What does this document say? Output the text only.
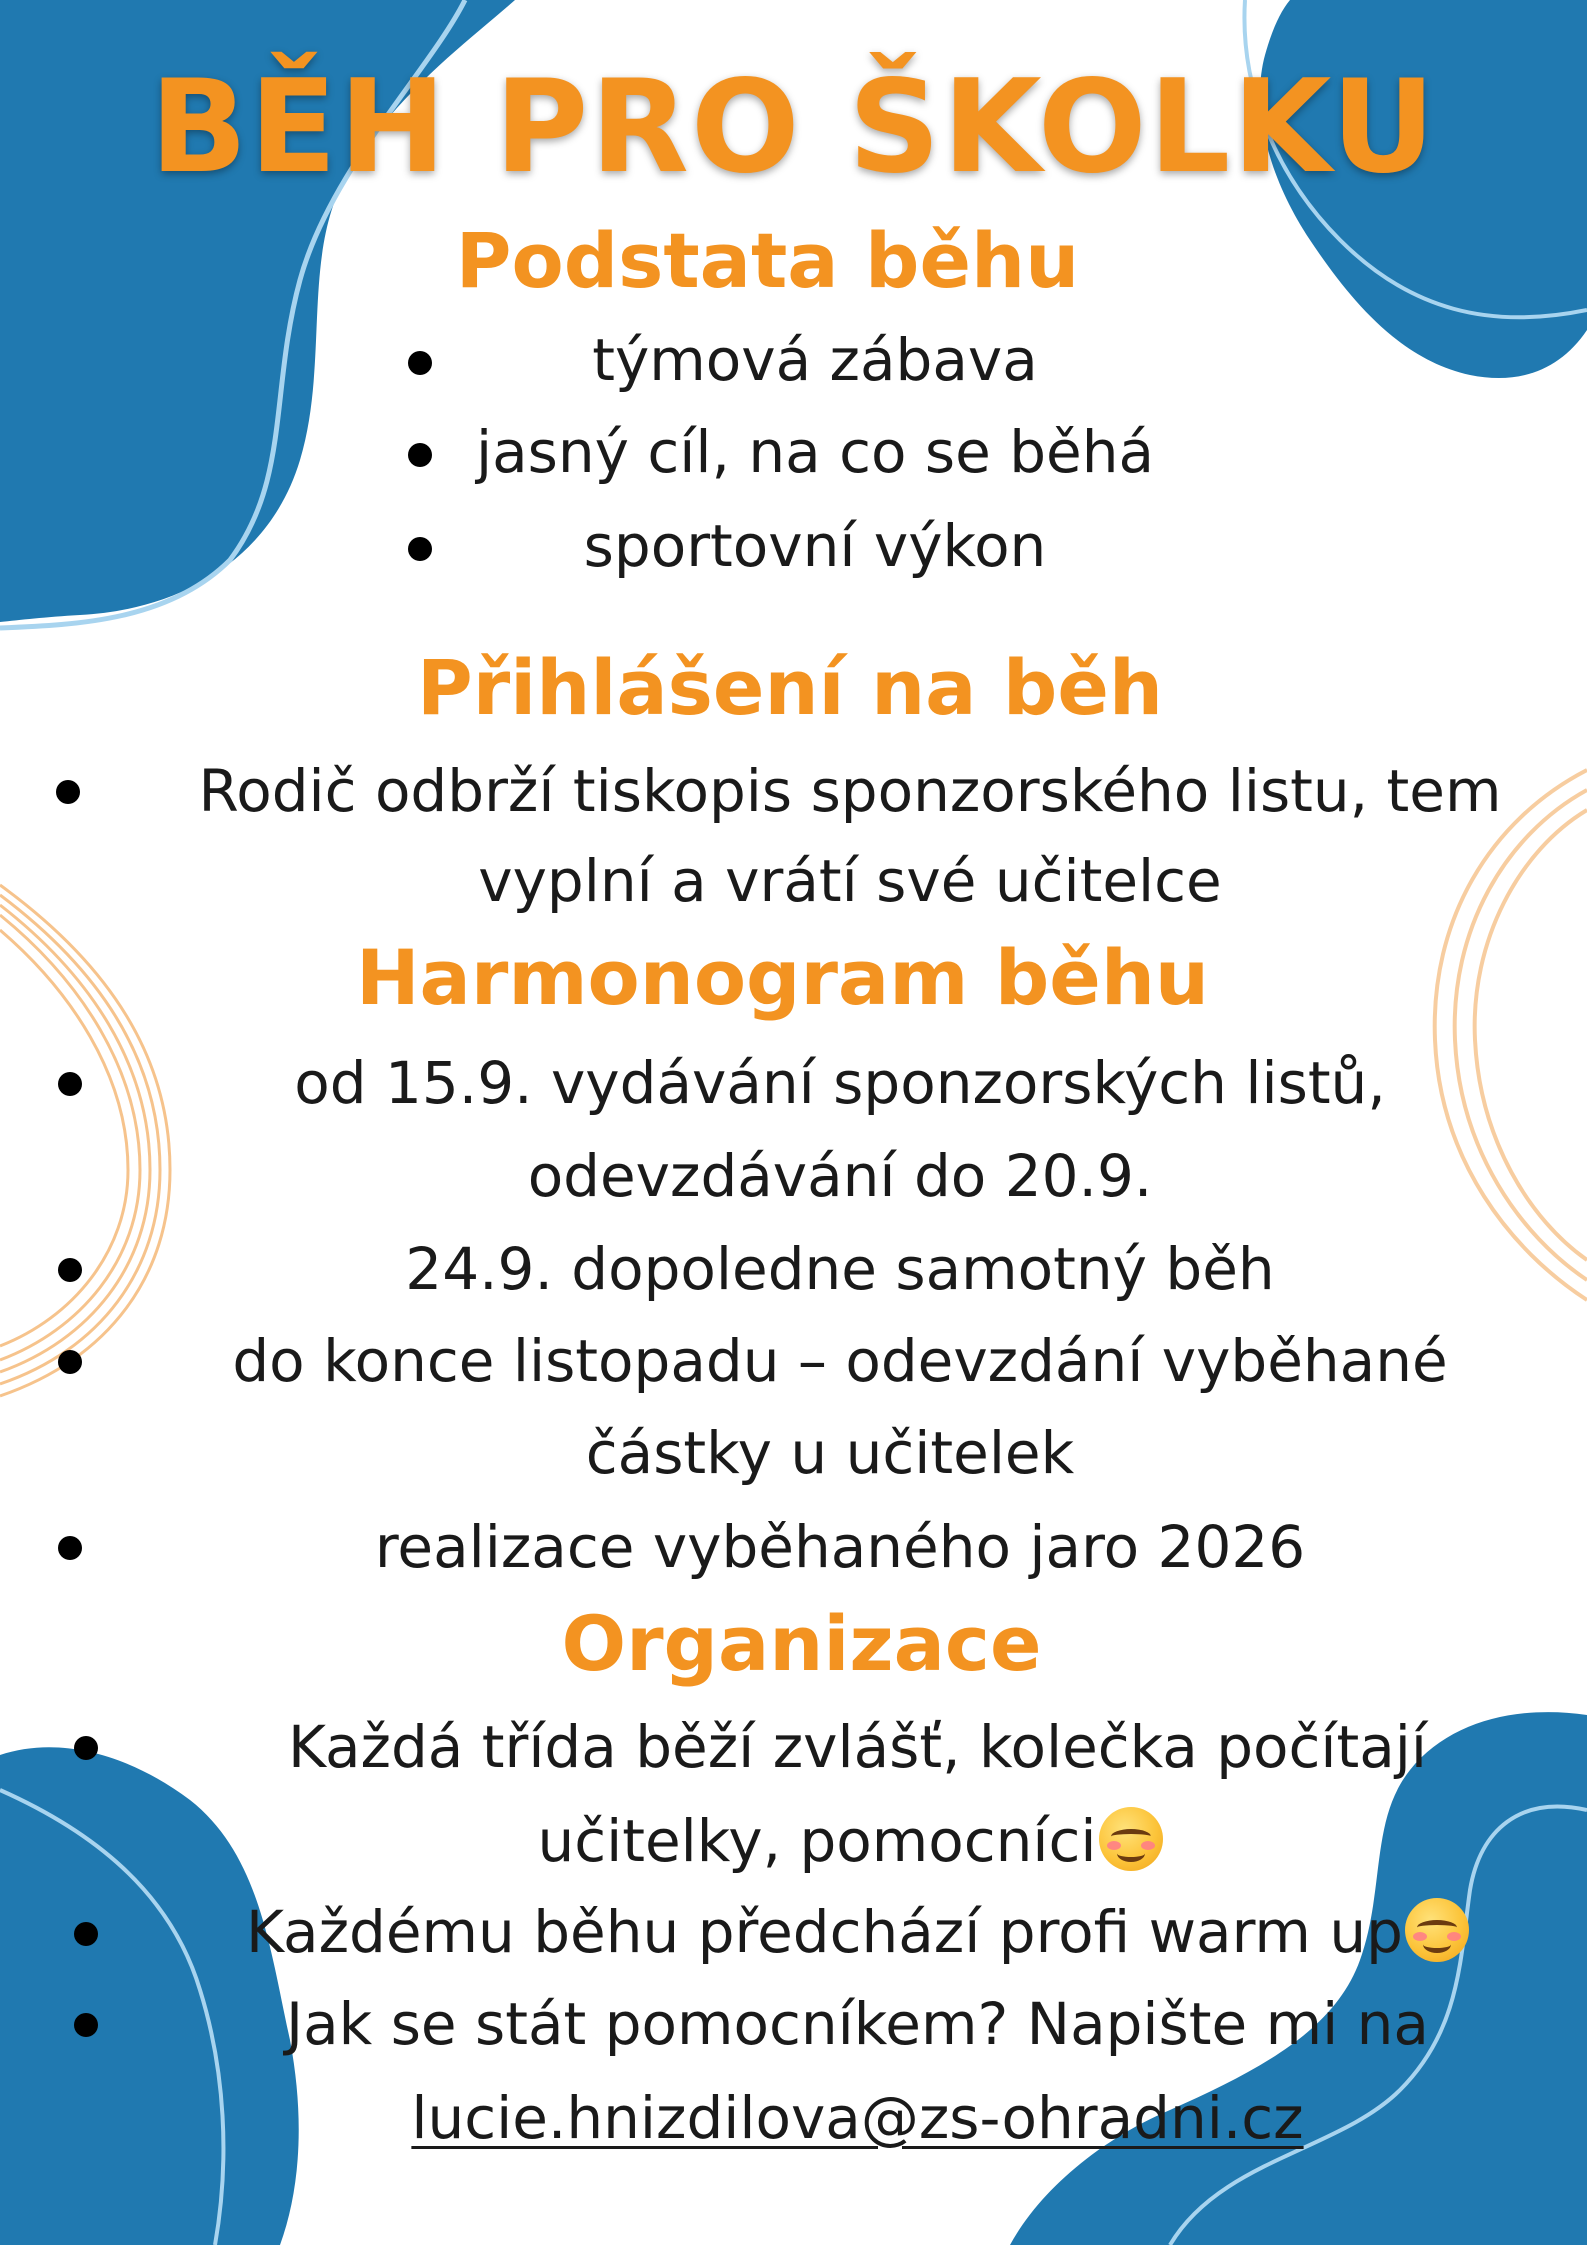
BĚH PRO ŠKOLKU
Podstata běhu

týmová zábava

jasný cíl, na co se běhá

sportovní výkon

Přihlášení na běh

Rodič odbrží tiskopis sponzorského listu, tem

vyplní a vrátí své učitelce

Harmonogram běhu

od 15.9. vydávání sponzorských listů,

odevzdávání do 20.9.

24.9. dopoledne samotný běh

do konce listopadu – odevzdání vyběhané

částky u učitelek

realizace vyběhaného jaro 2026

Organizace

Každá třída běží zvlášť, kolečka počítají

učitelky, pomocníci

Každému běhu předchází profi warm up

Jak se stát pomocníkem? Napište mi na

lucie.hnizdilova@zs-ohradni.cz
